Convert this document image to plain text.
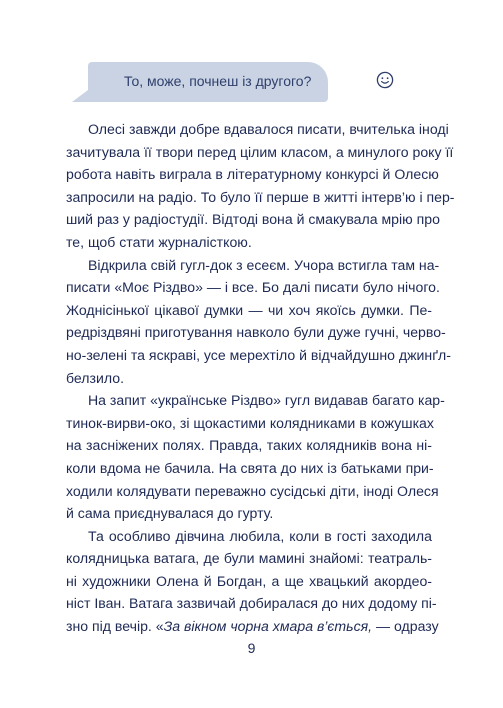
То, може, почнеш із другого?
Олесі завжди добре вдавалося писати, вчителька іноді
зачитувала її твори перед цілим класом, а минулого року її
робота навіть виграла в літературному конкурсі й Олесю
запросили на радіо. То було її перше в житті інтерв’ю і пер-
ший раз у радіостудії. Відтоді вона й смакувала мрію про
те, щоб стати журналісткою.
Відкрила свій гугл-док з есеєм. Учора встигла там на-
писати «Моє Різдво» — і все. Бо далі писати було нічого.
Жоднісінької цікавої думки — чи хоч якоїсь думки. Пе-
редріздвяні приготування навколо були дуже гучні, черво-
но-зелені та яскраві, усе мерехтіло й відчайдушно джинґл-
белзило.
На запит «українське Різдво» гугл видавав багато кар-
тинок-вирви-око, зі щокастими колядниками в кожушках
на засніжених полях. Правда, таких колядників вона ні-
коли вдома не бачила. На свята до них із батьками при-
ходили колядувати переважно сусідські діти, іноді Олеся
й сама приєднувалася до гурту.
Та особливо дівчина любила, коли в гості заходила
колядницька ватага, де були мамині знайомі: театраль-
ні художники Олена й Богдан, а ще хвацький акордео-
ніст Іван. Ватага зазвичай добиралася до них додому пі-
зно під вечір. «За вікном чорна хмара в’ється, — одразу
9
